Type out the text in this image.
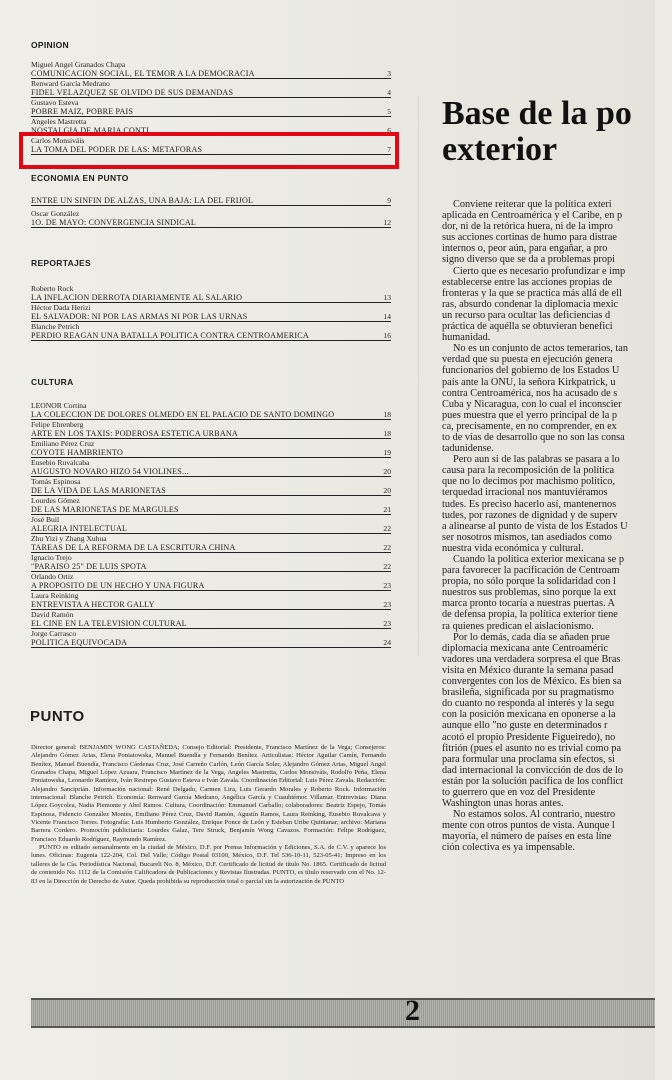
OPINION
Miguel Angel Granados Chapa
COMUNICACION SOCIAL, EL TEMOR A LA DEMOCRACIA	3
Renward García Medrano
FIDEL VELAZQUEZ SE OLVIDO DE SUS DEMANDAS	4
Gustavo Esteva
POBRE MAIZ, POBRE PAIS	5
Angeles Mastretta
NOSTALGIA DE MARIA CONTI	6
Carlos Monsiváis
LA TOMA DEL PODER DE LAS: METAFORAS	7
ECONOMIA EN PUNTO
ENTRE UN SINFIN DE ALZAS, UNA BAJA: LA DEL FRIJOL	9
Oscar González
1O. DE MAYO: CONVERGENCIA SINDICAL	12
REPORTAJES
Roberto Rock
LA INFLACION DERROTA DIARIAMENTE AL SALARIO	13
Héctor Dada Herizi
EL SALVADOR: NI POR LAS ARMAS NI POR LAS URNAS	14
Blanche Petrich
PERDIO REAGAN UNA BATALLA POLITICA CONTRA CENTROAMERICA	16
CULTURA
LEONOR Cortina
LA COLECCION DE DOLORES OLMEDO EN EL PALACIO DE SANTO DOMINGO	18
Felipe Ehrenberg
ARTE EN LOS TAXIS: PODEROSA ESTETICA URBANA	18
Emiliano Pérez Cruz
COYOTE HAMBRIENTO	19
Eusebio Ruvalcaba
AUGUSTO NOVARO HIZO 54 VIOLINES...	20
Tomás Espinosa
DE LA VIDA DE LAS MARIONETAS	20
Lourdes Gómez
DE LAS MARIONETAS DE MARGULES	21
José Buil
ALEGRIA INTELECTUAL	22
Zhu Yizi y Zhang Xuhua
TAREAS DE LA REFORMA DE LA ESCRITURA CHINA	22
Ignacio Trejo
"PARAISO 25" DE LUIS SPOTA	22
Orlando Ortiz
A PROPOSITO DE UN HECHO Y UNA FIGURA	23
Laura Reinking
ENTREVISTA A HECTOR GALLY	23
David Ramón
EL CINE EN LA TELEVISION CULTURAL	23
Jorge Carrasco
POLITICA EQUIVOCADA	24
PUNTO

Director general: BENJAMIN WONG CASTAÑEDA; Consejo Editorial: Presidente, Francisco Martínez de la Vega; Consejeros: Alejandro Gómez Arias, Elena Poniatowska, Manuel Buendía y Fernando Benítez. Articulistas: Héctor Aguilar Camín, Fernando Benítez, Manuel Buendía, Francisco Cárdenas Cruz, José Carreño Carlón, León García Soler, Alejandro Gómez Arias, Miguel Angel Granados Chapa, Miguel López Azuara, Francisco Martínez de la Vega, Angeles Mastretta, Carlos Monsiváis, Rodolfo Peña, Elena Poniatowska, Leonardo Ramírez, Iván Restrepo Gustavo Esteva e Iván Zavala. Coordinación Editorial: Luis Pérez Zavala. Redacción: Alejandro Sanciprián. Información nacional: René Delgado, Carmen Lira, Luis Gerardo Morales y Roberto Rock. Información internacional: Blanche Petrich. Economía: Renward García Medrano, Angélica García y Cuauhtémoc Villamar. Entrevistas: Diana López Goycolea, Nadia Piemonte y Abel Ramos. Cultura, Coordinación: Emmanuel Carballo; colaboradores: Beatriz Espejo, Tomás Espinosa, Fidencio González Montes, Emiliano Pérez Cruz, David Ramón, Agustín Ramos, Laura Reinking, Eusebio Ruvalcava y Vicente Francisco Torres. Fotografía: Luis Humberto González, Enrique Ponce de León y Esteban Uribe Quintanar; archivo: Mariana Barrera Cordero. Promoción publicitaria: Lourdes Galaz, Tere Struck, Benjamín Wong Cavazos. Formación: Felipe Rodríguez, Francisco Eduardo Rodríguez, Raymundo Ramírez.

PUNTO es editado semanalmente en la ciudad de México, D.F. por Prensa Información y Ediciones, S.A. de C.V. y aparece los lunes. Oficinas: Eugenia 122-204, Col. Del Valle; Código Postal 03100, México, D.F. Tel 536-10-11, 523-05-41; Impreso en los talleres de la Cía. Periodística Nacional, Bucareli No. 8, México, D.F. Certificado de licitud de título No. 1865. Certificado de licitud de contenido No. 1112 de la Comisión Calificadora de Publicaciones y Revistas Ilustradas. PUNTO, es título reservado con el No. 12-83 en la Dirección de Derecho de Autor. Queda prohibida su reproducción total o parcial sin la autorización de PUNTO

Base de la po
exterior
Conviene reiterar que la política exteri
aplicada en Centroamérica y el Caribe, en p
dor, ni de la retórica huera, ni de la impro
sus acciones cortinas de humo para distrae
internos o, peor aún, para engañar, a pro
signo diverso que se da a problemas propi
Cierto que es necesario profundizar e imp
establecerse entre las acciones propias de
fronteras y la que se practica más allá de ell
ras, absurdo condenar la diplomacia mexic
un recurso para ocultar las deficiencias d
práctica de aquélla se obtuvieran benefici
humanidad.
No es un conjunto de actos temerarios, tan
verdad que su puesta en ejecución genera
funcionarios del gobierno de los Estados U
país ante la ONU, la señora Kirkpatrick, u
contra Centroamérica, nos ha acusado de s
Cuba y Nicaragua, con lo cual el inconscier
pues muestra que el yerro principal de la p
ca, precisamente, en no comprender, en ex
to de vías de desarrollo que no son las consa
tadunidense.
Pero aun si de las palabras se pasara a lo
causa para la recomposición de la política
que no lo decimos por machismo político,
terquedad irracional nos mantuviéramos
tudes. Es preciso hacerlo así, mantenernos
tudes, por razones de dignidad y de superv
a alinearse al punto de vista de los Estados U
ser nosotros mismos, tan asediados como
nuestra vida económica y cultural.
Cuando la política exterior mexicana se p
para favorecer la pacificación de Centroam
propia, no sólo porque la solidaridad con l
nuestros sus problemas, sino porque la ext
marca pronto tocaría a nuestras puertas. A
de defensa propia, la política exterior tiene
ra quienes predican el aislacionismo.
Por lo demás, cada día se añaden prue
diplomacia mexicana ante Centroaméric
vadores una verdadera sorpresa el que Bras
visita en México durante la semana pasad
convergentes con los de México. Es bien sa
brasileña, significada por su pragmatismo
do cuanto no responda al interés y la segu
con la posición mexicana en oponerse a la
aunque ello "no guste en determinados r
acotó el propio Presidente Figueiredo), no
fitrión (pues el asunto no es trivial como pa
para formular una proclama sin efectos, si
dad internacional la convicción de dos de lo
están por la solución pacífica de los conflict
to guerrero que en voz del Presidente
Washington unas horas antes.
No estamos solos. Al contrario, nuestro
mente con otros puntos de vista. Aunque l
mayoría, el número de países en esta líne
ción colectiva es ya impensable.
2
